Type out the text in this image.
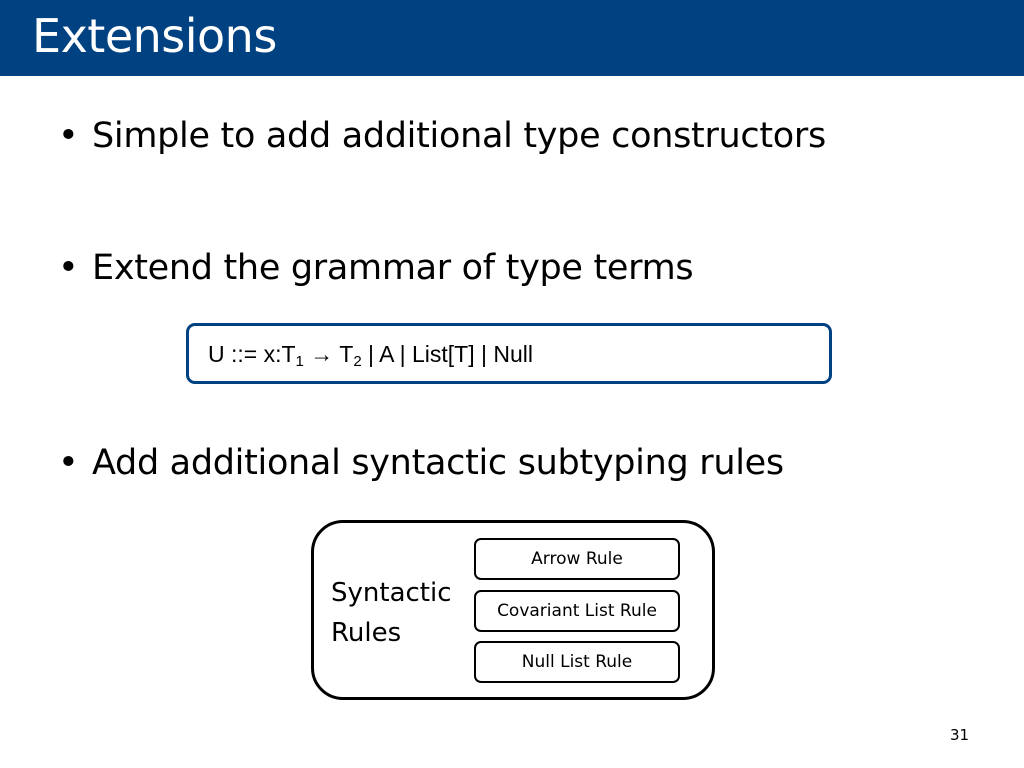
Extensions
• Simple to add additional type constructors
• Extend the grammar of type terms
U ::= $x:T_1 \to T_2$ | A | List[T] | Null
• Add additional syntactic subtyping rules
Syntactic
Rules
Arrow Rule
Covariant List Rule
Null List Rule
31
